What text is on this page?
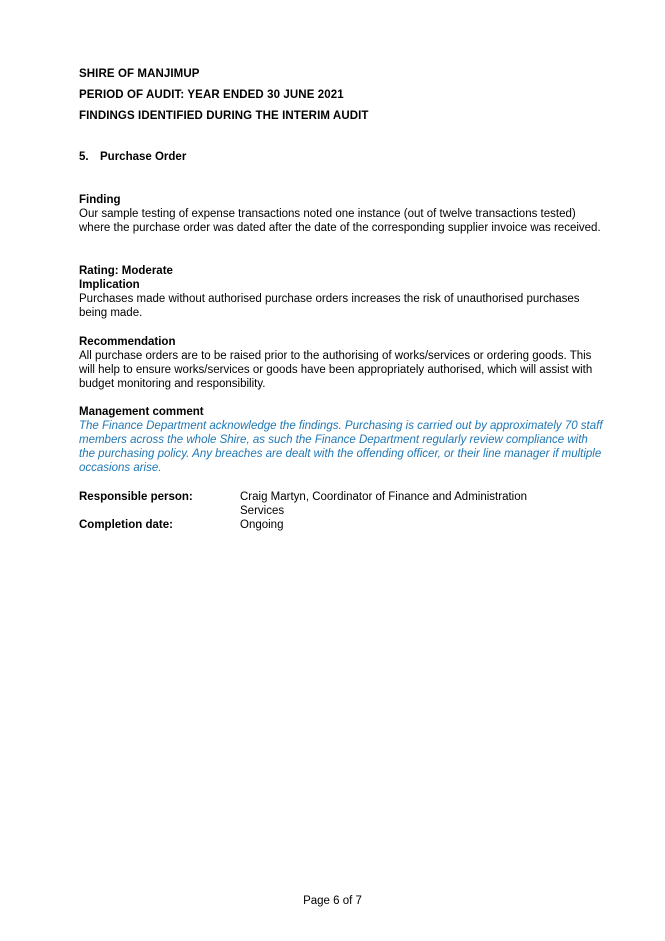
SHIRE OF MANJIMUP
PERIOD OF AUDIT: YEAR ENDED 30 JUNE 2021
FINDINGS IDENTIFIED DURING THE INTERIM AUDIT
5. Purchase Order
Finding
Our sample testing of expense transactions noted one instance (out of twelve transactions tested) where the purchase order was dated after the date of the corresponding supplier invoice was received.
Rating: Moderate
Implication
Purchases made without authorised purchase orders increases the risk of unauthorised purchases being made.
Recommendation
All purchase orders are to be raised prior to the authorising of works/services or ordering goods. This will help to ensure works/services or goods have been appropriately authorised, which will assist with budget monitoring and responsibility.
Management comment
The Finance Department acknowledge the findings. Purchasing is carried out by approximately 70 staff members across the whole Shire, as such the Finance Department regularly review compliance with the purchasing policy. Any breaches are dealt with the offending officer, or their line manager if multiple occasions arise.
Responsible person:	Craig Martyn, Coordinator of Finance and Administration Services
Completion date:	Ongoing
Page 6 of 7
